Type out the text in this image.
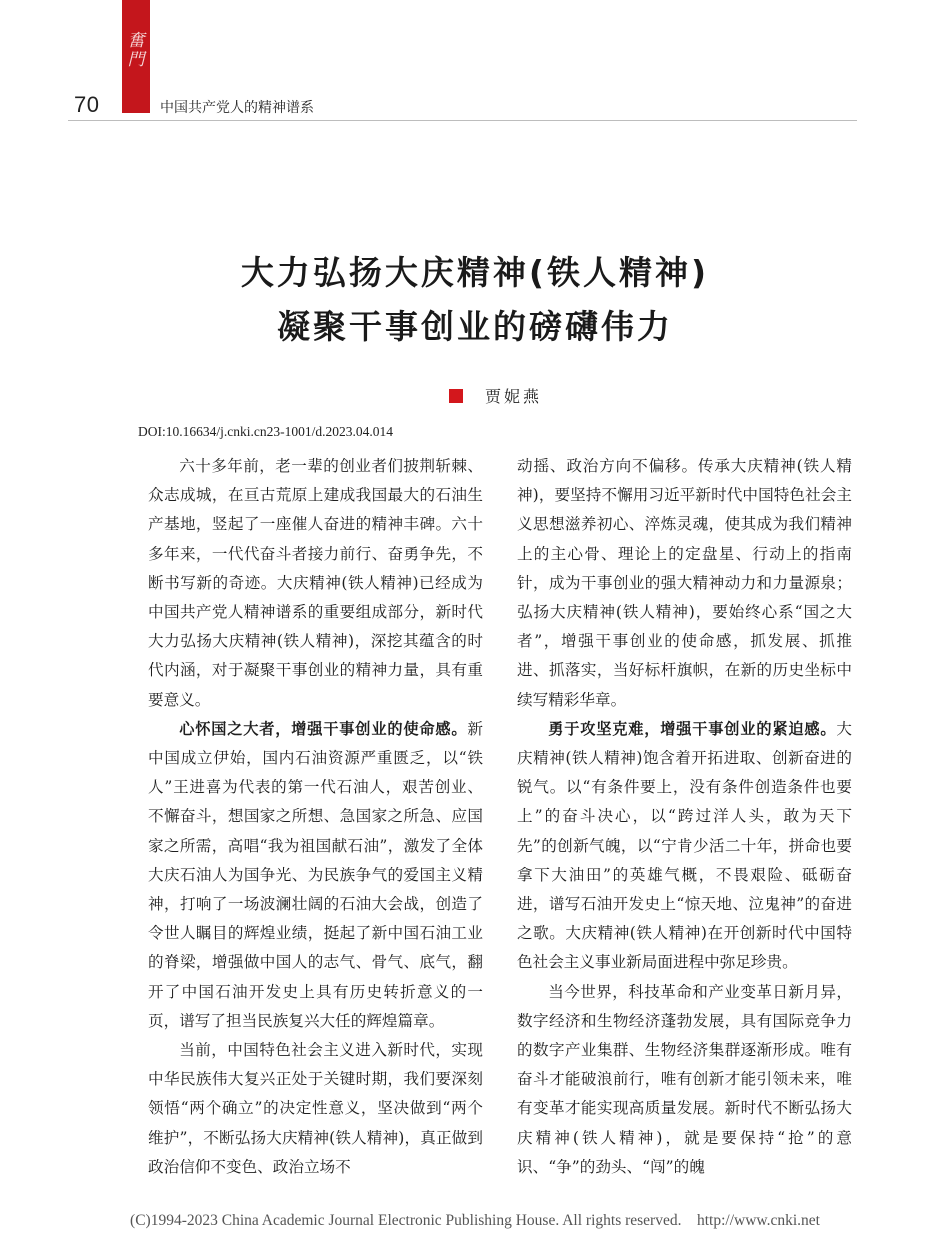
奮門
70	中国共产党人的精神谱系
大力弘扬大庆精神(铁人精神)
凝聚干事创业的磅礴伟力
贾妮燕
DOI:10.16634/j.cnki.cn23-1001/d.2023.04.014

六十多年前，老一辈的创业者们披荆斩棘、众志成城，在亘古荒原上建成我国最大的石油生产基地，竖起了一座催人奋进的精神丰碑。六十多年来，一代代奋斗者接力前行、奋勇争先，不断书写新的奇迹。大庆精神(铁人精神)已经成为中国共产党人精神谱系的重要组成部分，新时代大力弘扬大庆精神(铁人精神)，深挖其蕴含的时代内涵，对于凝聚干事创业的精神力量，具有重要意义。

心怀国之大者，增强干事创业的使命感。新中国成立伊始，国内石油资源严重匮乏，以“铁人”王进喜为代表的第一代石油人，艰苦创业、不懈奋斗，想国家之所想、急国家之所急、应国家之所需，高唱“我为祖国献石油”，激发了全体大庆石油人为国争光、为民族争气的爱国主义精神，打响了一场波澜壮阔的石油大会战，创造了令世人瞩目的辉煌业绩，挺起了新中国石油工业的脊梁，增强做中国人的志气、骨气、底气，翻开了中国石油开发史上具有历史转折意义的一页，谱写了担当民族复兴大任的辉煌篇章。

当前，中国特色社会主义进入新时代，实现中华民族伟大复兴正处于关键时期，我们要深刻领悟“两个确立”的决定性意义，坚决做到“两个维护”，不断弘扬大庆精神(铁人精神)，真正做到政治信仰不变色、政治立场不

动摇、政治方向不偏移。传承大庆精神(铁人精神)，要坚持不懈用习近平新时代中国特色社会主义思想滋养初心、淬炼灵魂，使其成为我们精神上的主心骨、理论上的定盘星、行动上的指南针，成为干事创业的强大精神动力和力量源泉；弘扬大庆精神(铁人精神)，要始终心系“国之大者”，增强干事创业的使命感，抓发展、抓推进、抓落实，当好标杆旗帜，在新的历史坐标中续写精彩华章。

勇于攻坚克难，增强干事创业的紧迫感。大庆精神(铁人精神)饱含着开拓进取、创新奋进的锐气。以“有条件要上，没有条件创造条件也要上”的奋斗决心，以“跨过洋人头，敢为天下先”的创新气魄，以“宁肯少活二十年，拼命也要拿下大油田”的英雄气概，不畏艰险、砥砺奋进，谱写石油开发史上“惊天地、泣鬼神”的奋进之歌。大庆精神(铁人精神)在开创新时代中国特色社会主义事业新局面进程中弥足珍贵。

当今世界，科技革命和产业变革日新月异，数字经济和生物经济蓬勃发展，具有国际竞争力的数字产业集群、生物经济集群逐渐形成。唯有奋斗才能破浪前行，唯有创新才能引领未来，唯有变革才能实现高质量发展。新时代不断弘扬大庆精神(铁人精神)，就是要保持“抢”的意识、“争”的劲头、“闯”的魄

(C)1994-2023 China Academic Journal Electronic Publishing House. All rights reserved. http://www.cnki.net
